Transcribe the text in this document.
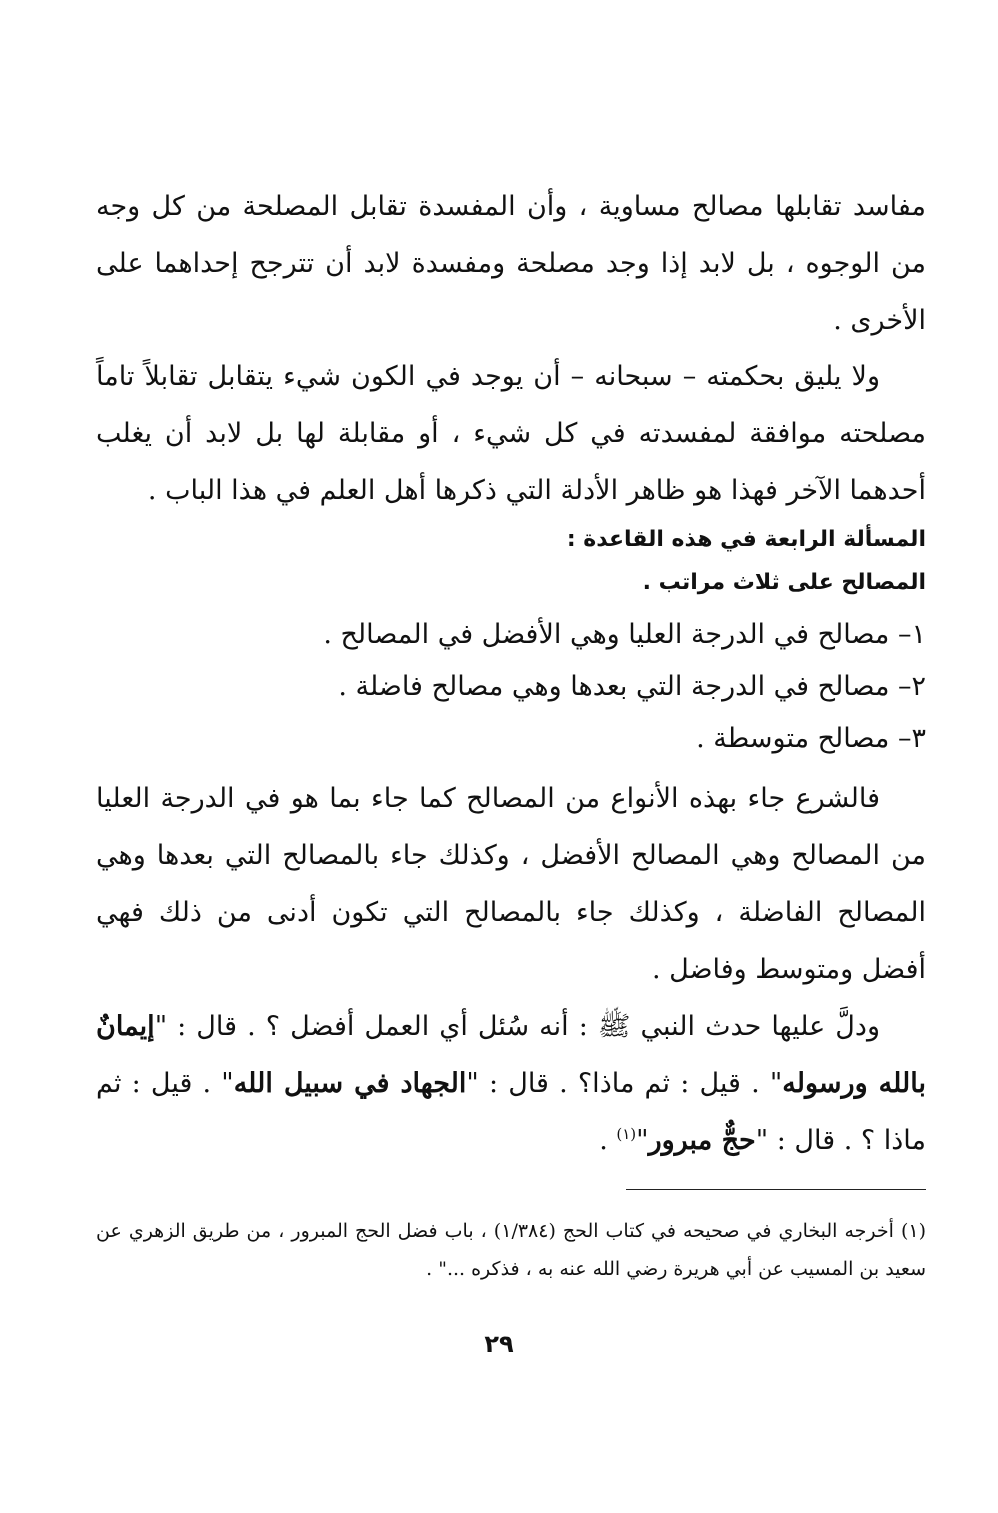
مفاسد تقابلها مصالح مساوية ، وأن المفسدة تقابل المصلحة من كل وجه من الوجوه ، بل لابد إذا وجد مصلحة ومفسدة لابد أن تترجح إحداهما على الأخرى .

ولا يليق بحكمته – سبحانه – أن يوجد في الكون شيء يتقابل تقابلاً تاماً مصلحته موافقة لمفسدته في كل شيء ، أو مقابلة لها بل لابد أن يغلب أحدهما الآخر فهذا هو ظاهر الأدلة التي ذكرها أهل العلم في هذا الباب .

المسألة الرابعة في هذه القاعدة :

المصالح على ثلاث مراتب .

١– مصالح في الدرجة العليا وهي الأفضل في المصالح .

٢– مصالح في الدرجة التي بعدها وهي مصالح فاضلة .

٣– مصالح متوسطة .

فالشرع جاء بهذه الأنواع من المصالح كما جاء بما هو في الدرجة العليا من المصالح وهي المصالح الأفضل ، وكذلك جاء بالمصالح التي بعدها وهي المصالح الفاضلة ، وكذلك جاء بالمصالح التي تكون أدنى من ذلك فهي أفضل ومتوسط وفاضل .

ودلَّ عليها حدث النبي ﷺ : أنه سُئل أي العمل أفضل ؟ . قال : "إيمانٌ بالله ورسوله" . قيل : ثم ماذا؟ . قال : "الجهاد في سبيل الله" . قيل : ثم ماذا ؟ . قال : "حجٌّ مبرور"$^{(١)}$ .

(١) أخرجه البخاري في صحيحه في كتاب الحج (١/٣٨٤) ، باب فضل الحج المبرور ، من طريق الزهري عن سعيد بن المسيب عن أبي هريرة رضي الله عنه به ، فذكره ..." .

٢٩
